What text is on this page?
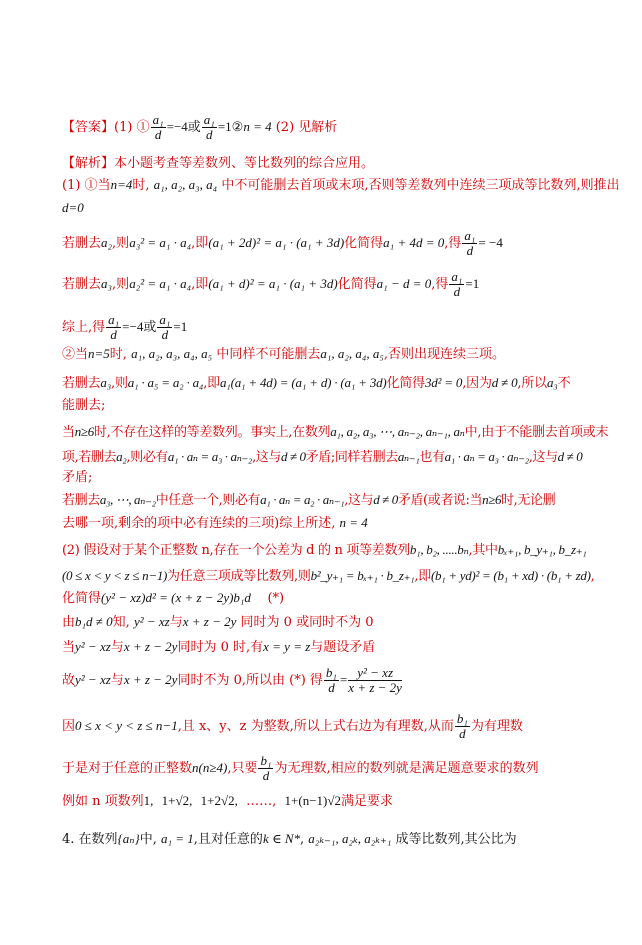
【答案】(1) ① $\frac{\text{a₁}}{d} =-4$或 $\frac{\text{a₁}}{d}$ =1②n = 4 (2) 见解析
【解析】本小题考查等差数列、等比数列的综合应用。
(1) ①当n=4时, a₁, a₂, a₃, a₄ 中不可能删去首项或末项,否则等差数列中连续三项成等比数列,则推出
d=0
若删去a₂,则a₃² = a₁ · a₄,即(a₁ + 2d)² = a₁ · (a₁ + 3d)化简得a₁ + 4d = 0,得 $\frac{\text{a₁}}{d} = -4$
若删去a₃,则a₂² = a₁ · a₄,即(a₁ + d)² = a₁ · (a₁ + 3d)化简得a₁ − d = 0,得 $\frac{\text{a₁}}{d} =1$
综上,得 $\frac{\text{a₁}}{d} =-4$或 $\frac{\text{a₁}}{d} =1$
②当n=5时, a₁, a₂, a₃, a₄, a₅ 中同样不可能删去a₁, a₂, a₄, a₅,否则出现连续三项。
若删去a₃,则a₁ · a₅ = a₂ · a₄,即a₁(a₁ + 4d) = (a₁ + d) · (a₁ + 3d)化简得3d² = 0,因为d ≠ 0,所以a₃不
能删去;
当n≥6时,不存在这样的等差数列。事实上,在数列a₁, a₂, a₃, ⋯, aₙ₋₂, aₙ₋₁, aₙ中,由于不能删去首项或末
项,若删去a₂,则必有a₁ · aₙ = a₃ · aₙ₋₂,这与d ≠ 0矛盾;同样若删去aₙ₋₁也有a₁ · aₙ = a₃ · aₙ₋₂,这与d ≠ 0
矛盾;
若删去a₃, ⋯, aₙ₋₂中任意一个,则必有a₁ · aₙ = a₂ · aₙ₋₁,这与d ≠ 0矛盾(或者说:当n≥6时,无论删
去哪一项,剩余的项中必有连续的三项)综上所述, n = 4
(2) 假设对于某个正整数 n,存在一个公差为 d 的 n 项等差数列b₁, b₂, .....bₙ,其中bₓ₊₁, b_y₊₁, b_z₊₁
(0 ≤ x < y < z ≤ n−1)为任意三项成等比数列,则b²_y₊₁ = bₓ₊₁ · b_z₊₁,即(b₁ + yd)² = (b₁ + xd) · (b₁ + zd),
化简得(y² − xz)d² = (x + z − 2y)b₁d (*)
由b₁d ≠ 0知, y² − xz与x + z − 2y 同时为 0 或同时不为 0
当y² − xz与x + z − 2y同时为 0 时,有x = y = z与题设矛盾
故y² − xz与x + z − 2y同时不为 0,所以由 (*) 得 $\frac{\text{b₁}}{d} = \frac{\text{y² − xz}}{x + z - 2y}$
因0 ≤ x < y < z ≤ n−1,且 x、y、z 为整数,所以上式右边为有理数,从而 $\frac{\text{b₁}}{d}$ 为有理数
于是对于任意的正整数n(n≥4),只要 $\frac{\text{b₁}}{d}$ 为无理数,相应的数列就是满足题意要求的数列
例如 n 项数列1, 1+√2, 1+2√2, ……, 1+(n−1)√2满足要求
4. 在数列{aₙ}中, a₁ = 1,且对任意的k ∈ N*, a₂ₖ₋₁, a₂ₖ, a₂ₖ₊₁ 成等比数列,其公比为
